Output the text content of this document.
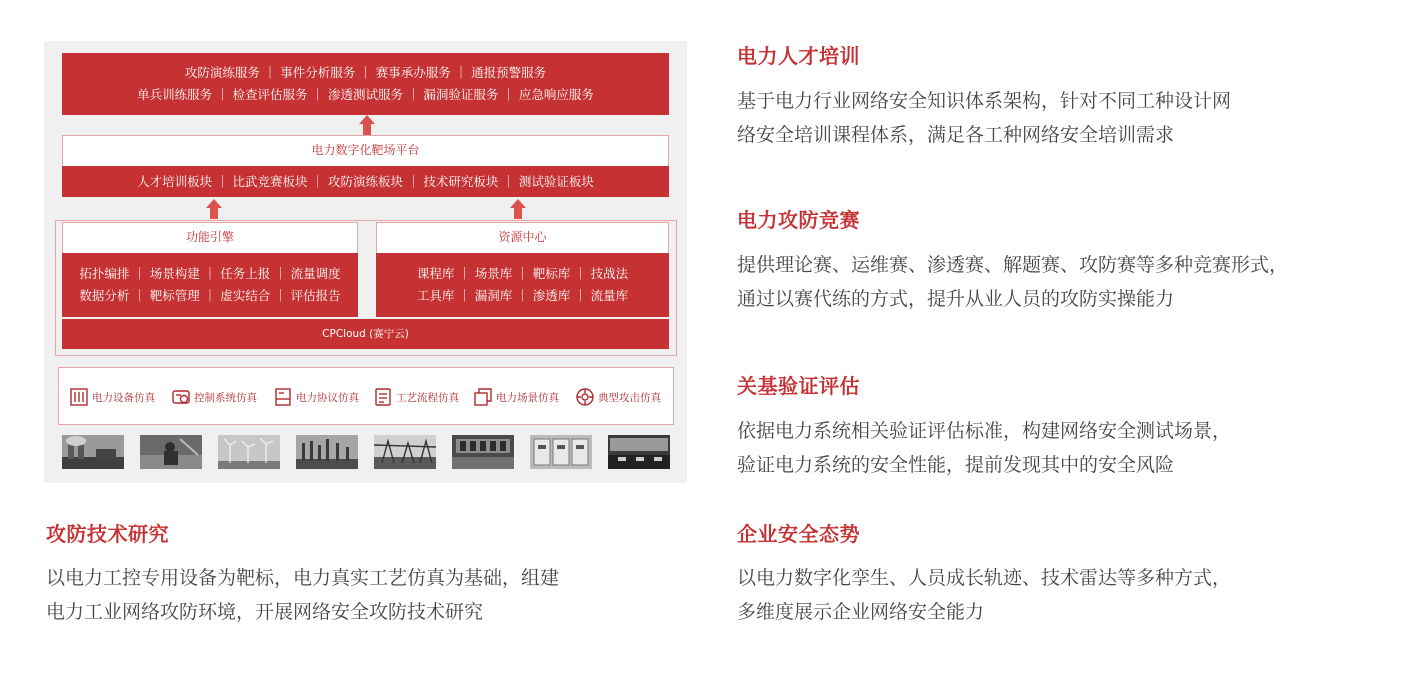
攻防演练服务 ｜ 事件分析服务 ｜ 赛事承办服务 ｜ 通报预警服务
单兵训练服务 ｜ 检查评估服务 ｜ 渗透测试服务 ｜ 漏洞验证服务 ｜ 应急响应服务
电力数字化靶场平台
人才培训板块 ｜ 比武竞赛板块 ｜ 攻防演练板块 ｜ 技术研究板块 ｜ 测试验证板块
功能引擎
拓扑编排 ｜ 场景构建 ｜ 任务上报 ｜ 流量调度
数据分析 ｜ 靶标管理 ｜ 虚实结合 ｜ 评估报告
资源中心
课程库 ｜ 场景库 ｜ 靶标库 ｜ 技战法
工具库 ｜ 漏洞库 ｜ 渗透库 ｜ 流量库
CPCloud (赛宁云)
电力设备仿真	控制系统仿真	电力协议仿真	工艺流程仿真	电力场景仿真	典型攻击仿真
攻防技术研究
以电力工控专用设备为靶标，电力真实工艺仿真为基础，组建
电力工业网络攻防环境，开展网络安全攻防技术研究
电力人才培训
基于电力行业网络安全知识体系架构，针对不同工种设计网
络安全培训课程体系，满足各工种网络安全培训需求
电力攻防竞赛
提供理论赛、运维赛、渗透赛、解题赛、攻防赛等多种竞赛形式，
通过以赛代练的方式，提升从业人员的攻防实操能力
关基验证评估
依据电力系统相关验证评估标准，构建网络安全测试场景，
验证电力系统的安全性能，提前发现其中的安全风险
企业安全态势
以电力数字化孪生、人员成长轨迹、技术雷达等多种方式，
多维度展示企业网络安全能力
